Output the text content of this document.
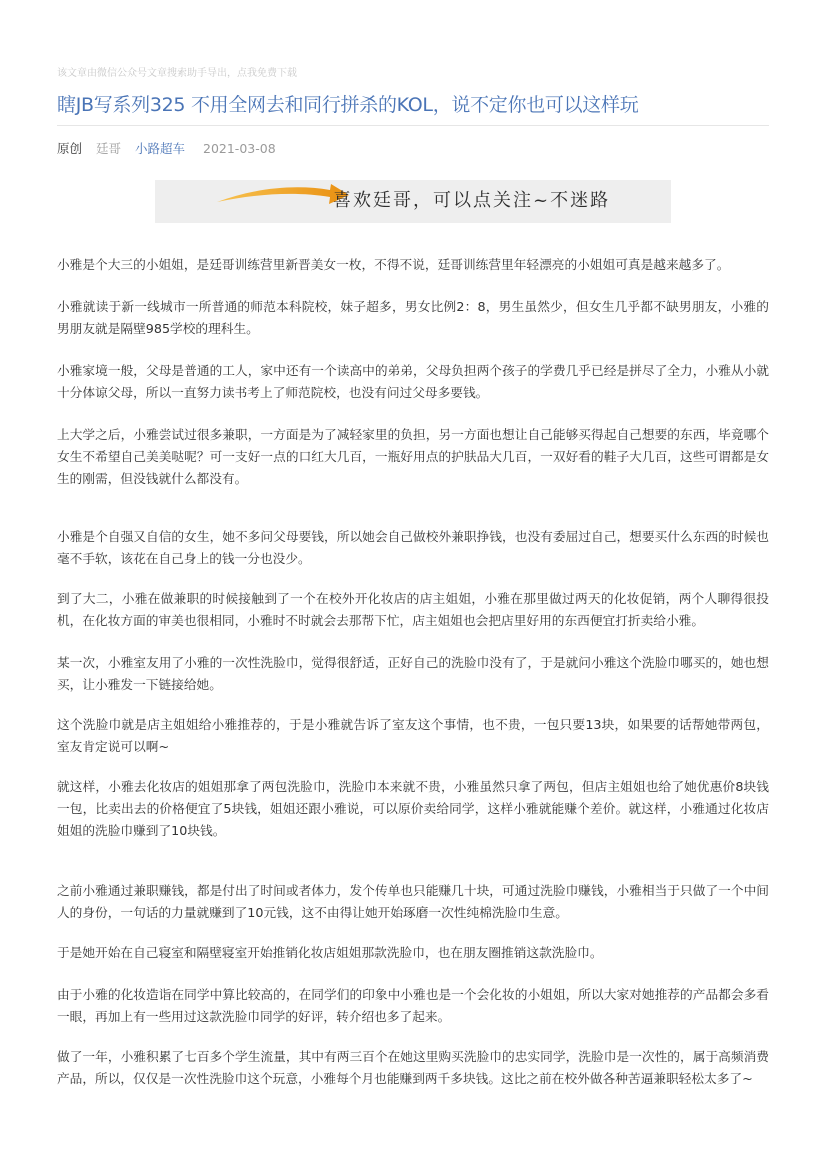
该文章由微信公众号文章搜索助手导出，点我免费下载
瞎JB写系列325 不用全网去和同行拼杀的KOL，说不定你也可以这样玩
原创 廷哥 小路超车 2021-03-08
喜欢廷哥，可以点关注~不迷路

小雅是个大三的小姐姐，是廷哥训练营里新晋美女一枚，不得不说，廷哥训练营里年轻漂亮的小姐姐可真是越来越多了。

小雅就读于新一线城市一所普通的师范本科院校，妹子超多，男女比例2：8，男生虽然少，但女生几乎都不缺男朋友，小雅的男朋友就是隔壁985学校的理科生。

小雅家境一般，父母是普通的工人，家中还有一个读高中的弟弟，父母负担两个孩子的学费几乎已经是拼尽了全力，小雅从小就十分体谅父母，所以一直努力读书考上了师范院校，也没有问过父母多要钱。

上大学之后，小雅尝试过很多兼职，一方面是为了减轻家里的负担，另一方面也想让自己能够买得起自己想要的东西，毕竟哪个女生不希望自己美美哒呢？可一支好一点的口红大几百，一瓶好用点的护肤品大几百，一双好看的鞋子大几百，这些可谓都是女生的刚需，但没钱就什么都没有。

小雅是个自强又自信的女生，她不多问父母要钱，所以她会自己做校外兼职挣钱，也没有委屈过自己，想要买什么东西的时候也毫不手软，该花在自己身上的钱一分也没少。

到了大二，小雅在做兼职的时候接触到了一个在校外开化妆店的店主姐姐，小雅在那里做过两天的化妆促销，两个人聊得很投机，在化妆方面的审美也很相同，小雅时不时就会去那帮下忙，店主姐姐也会把店里好用的东西便宜打折卖给小雅。

某一次，小雅室友用了小雅的一次性洗脸巾，觉得很舒适，正好自己的洗脸巾没有了，于是就问小雅这个洗脸巾哪买的，她也想买，让小雅发一下链接给她。

这个洗脸巾就是店主姐姐给小雅推荐的，于是小雅就告诉了室友这个事情，也不贵，一包只要13块，如果要的话帮她带两包，室友肯定说可以啊~

就这样，小雅去化妆店的姐姐那拿了两包洗脸巾，洗脸巾本来就不贵，小雅虽然只拿了两包，但店主姐姐也给了她优惠价8块钱一包，比卖出去的价格便宜了5块钱，姐姐还跟小雅说，可以原价卖给同学，这样小雅就能赚个差价。就这样，小雅通过化妆店姐姐的洗脸巾赚到了10块钱。

之前小雅通过兼职赚钱，都是付出了时间或者体力，发个传单也只能赚几十块，可通过洗脸巾赚钱，小雅相当于只做了一个中间人的身份，一句话的力量就赚到了10元钱，这不由得让她开始琢磨一次性纯棉洗脸巾生意。

于是她开始在自己寝室和隔壁寝室开始推销化妆店姐姐那款洗脸巾，也在朋友圈推销这款洗脸巾。

由于小雅的化妆造诣在同学中算比较高的，在同学们的印象中小雅也是一个会化妆的小姐姐，所以大家对她推荐的产品都会多看一眼，再加上有一些用过这款洗脸巾同学的好评，转介绍也多了起来。

做了一年，小雅积累了七百多个学生流量，其中有两三百个在她这里购买洗脸巾的忠实同学，洗脸巾是一次性的，属于高频消费产品，所以，仅仅是一次性洗脸巾这个玩意，小雅每个月也能赚到两千多块钱。这比之前在校外做各种苦逼兼职轻松太多了~
